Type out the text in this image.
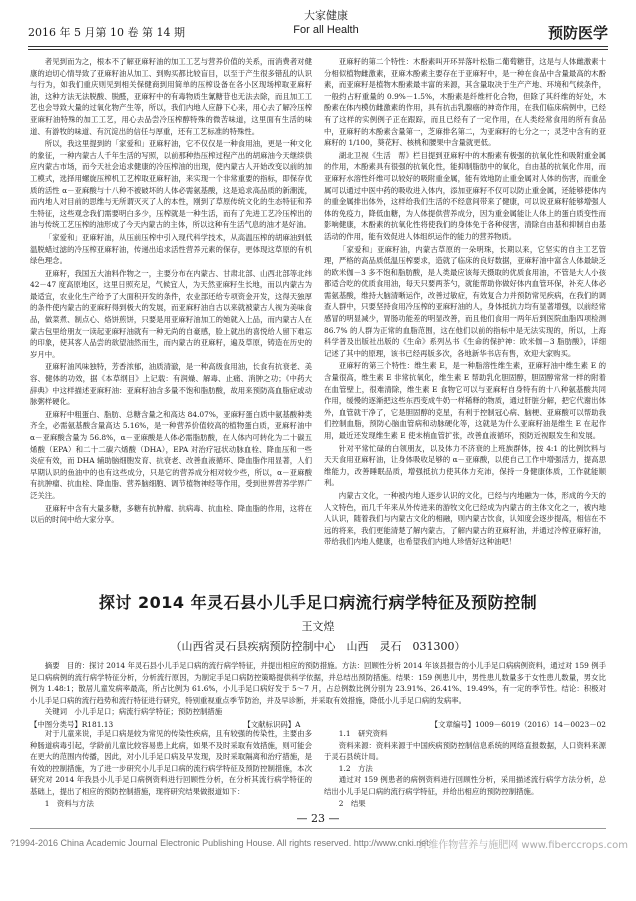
2016 年 5 月第 10 卷 第 14 期
大家健康
For all Health	预防医学

者见到而为之，根本不了解亚麻籽油的加工工艺与营养价值的关系，而消费者对健康的迫切心情导致了亚麻籽油从加工、到购买都比较盲目，以至于产生很多错乱的认识与行为，如我们重庆则见到相关保健商到用简单的压榨设备在各小区现场榨取亚麻籽油，这种方法无法脱酸、脱醛，亚麻籽中的有毒物质生氰糖苷也无法去除，而且加工工艺也会导致大量的过氧化物产生等，所以，我们内地人应静下心来，用心去了解冷压榨亚麻籽油特殊的加工工艺，用心去品尝冷压榨醇特殊的微苦味道，这里面有生活的味道、有游牧的味道、有沉淀出的信任与厚重，还有工艺标准的特殊性。

所以，我这里提到的「家爱和」亚麻籽油，它不仅仅是一种食用油，更是一种文化的象征，一种内蒙古人千年生活的写照，以前那种热压榨过程产出的胡麻油今天继续供应内蒙古市场，而今天社会追求健康的冷压榨油的出现，使内蒙古人开始改变以前的加工模式，选择用螺旋压榨机工艺榨取亚麻籽油，来实现一个非常重要的指标，即保存优质的活性 α－亚麻酸与十八种不被破坏的人体必需氨基酸，这是追求高品质的新潮流，而内地人对目前的思维与无所谓灭灭了人的本性，刚到了草原传统文化的生态特征和养生特征，这些观念我们需要明白多少，压榨就是一种生活，而有了先进工艺冷压榨出的油与传统工艺压榨的油形成了今天内蒙古的主体，所以这种有生活气息的油才是好油。

「家爱和」亚麻籽油，从压前压榨中引入现代科学技术，从高温压榨的胡麻油到低温脱蜡过滤的冷压榨亚麻籽油，传递出追求活性营养元素的保存，更体现这草原的有机绿色理念。

亚麻籽，我国五大油料作物之一，主要分布在内蒙古、甘肃北部、山西北部等北纬 42－47 度高原地区，这里日照充足，气候宜人，为天然亚麻籽生长地，而以内蒙古为最适宜，农业化生产给予了大面积开发的条件，农业部还给专项资金开发，这得天独厚的条件使内蒙古的亚麻籽得到极大的发展，而亚麻籽油自古以来就被蒙古人视为美味食品，做菜煮、制点心、烙饼煎饼，只要是用亚麻籽油加工的她就入上品，而内蒙古人在蒙古包里给朋友一读起亚麻籽油就有一种无尚的自豪感，脸上就出的喜悦给人留下难忘的印象，使其客人品尝的欲望油然而生，而内蒙古的亚麻籽，遍及草原，铸造在历史的岁月中。

亚麻籽油风味独特，芳香浓郁，油质清澈，是一种高级食用油，长食有抗衰老、美容、健体的功效，据《本草纲目》上记载：有润燥、解毒、止痛、消肿之功；《中药大辞典》中这样描述亚麻籽油：亚麻籽油含多量不饱和脂肪酸，故用来预防高血脂症或动脉粥样硬化。

亚麻籽中粗蛋白、脂肪、总糖含量之和高达 84.07%，亚麻籽蛋白质中氨基酸种类齐全，必需氨基酸含量高达 5.16%，是一种营养价值较高的植物蛋白质，亚麻籽油中 α－亚麻酸含量为 56.8%，α－亚麻酸是人体必需脂肪酸，在人体内可转化为二十碳五烯酸（EPA）和二十二碳六烯酸（DHA），EPA 对治疗冠状动脉血栓、降血压和一些炎症有效，而 DHA 辅助脑细胞发育、抗衰老、改善血液循环、降血脂作用显著，人们早期认识的鱼油中的也有这些成分，只是它的营养成分相对较少些，所以，α－亚麻酸有抗肿瘤、抗血栓、降血脂、营养脑细胞、调节植物神经等作用，受到世界营养学界广泛关注。

亚麻籽中含有大量多糖，多糖有抗肿瘤、抗病毒、抗血栓、降血脂的作用，这将在以后的时间中给大家分享。

亚麻籽的第二个特性：木酚素叫开环异落叶松脂二葡萄糖苷，这是与人体雌激素十分相似植物雌激素，亚麻木酚素主要存在于亚麻籽中，是一种在食品中含量最高的木酚素，而亚麻籽是植物木酚素最丰富的来源，其含量取决于生产产地、环境和气候条件，一般约占籽重量的 0.9%－1.5%，木酚素是纤维杆化合物，但除了其纤维的好处，木酚素在体内模仿雌激素的作用，具有抗击乳腺癌的神奇作用，在我们临床病例中，已经有了这样的实例例子正在跟踪，而且已经有了一定作用，在人类经常食用的所有食品中，亚麻籽的木酚素含量第一，芝麻排名第二，为亚麻籽的七分之一；灵芝中含有的亚麻籽的 1/100，葵花籽、核桃和腰果中含量就更低。

湖北卫视《生活　帮》栏目提到亚麻籽中的木酚素有极强的抗氧化性和吸附重金属的作用，木酚素具有很强的抗氧化性，能抑制脂肪中的氧化，自由基的抗氧化作用，而亚麻籽水溶性纤维可以较好的吸附重金属，能有效地防止重金属对人体的伤害，而重金属可以通过中医中药的吸收进入体内，添加亚麻籽不仅可以防止重金属，还能够使体内的重金属排出体外，这样给我们生活的不经意间带来了健康，可以说亚麻籽能够增强人体的免疫力，降低血糖，为人体提供营养成分，因为重金属能让人体上的蛋白质变性而影响健康，木酚素的抗氧化性将使我们的身体免于各种侵害，清除自由基和抑制自由基活动的作用，能有效促进人体组织运作的能力的营养物质。

「家爱和」亚麻籽油，内蒙古草原的一朵明珠，长期以来，它坚实的自主工艺管理，严格的高品质低温压榨要求，造就了临床的良好数据，亚麻籽油中富含人体最缺乏的欧米伽－3 多不饱和脂肪酸，是人类最应该每天摄取的优质食用油，不管是大人小孩都适合吃的优质食用油，每天只要两茶勺，就能帮助你做好体内血管环保，补充人体必需氨基酸，维持大脑清晰运作，改善过敏症，有效复合力并预防常见疾病，在我们的调查人群中，只要坚持食用冷压榨的亚麻籽油的人，身体抵抗力均有显著增强，以前经常感冒的明显减少，胃肠功能差的明显改善，而且他们食用一两年后到医院血脂四项检测 86.7% 的人群为正常的血脂范围，这在他们以前的指标中是无法实现的，所以，上海科学普及出版社出版的《生命》系列丛书《生命的保护神：欧米伽－3 脂肪酸》，详细记述了其中的原理，该书已经再版多次，各地新华书店有售，欢迎大家购买。

亚麻籽的第三个特性：维生素 E，是一种脂溶性维生素，亚麻籽油中维生素 E 的含量很高，维生素 E 非常抗氧化，维生素 E 帮助乳化胆固醇，胆固醇常常一样的附着在血管壁上，很难清除，维生素 E 食物它可以与亚麻籽自身特有的十八种氨基酸共同作用，缓慢的逐渐把这些东西变成牛奶一样稀释的物质，通过肝脏分解，把它代谢出体外，血管就干净了，它是胆固醇的克星，有利于控制冠心病、脑梗、亚麻酸可以帮助我们控制血脂，预防心脑血管病和动脉硬化等，这就是为什么亚麻籽油是维生 E 在起作用，最近还发现维生素 E 使未梢血管扩张，改善血液循环，预防近视眼发生和发展。

针对平常忙碌的白领朋友，以及体力不济衰的上班族群体，按 4:1 的比例饮料与天天食用亚麻籽油，让身体吸收足够的 α－亚麻酸，以使自己工作中增强活力，提高思维能力，改善睡眠品质，增强抵抗力使其体力充沛，保持一身健康体质，工作就能顺利。

内蒙古文化，一种被内地人逐步认识的文化，已经与内地融为一体，形成的今天的人文特色，而几千年来从外传进来的游牧文化已经成为内蒙古的主体文化之一，被内地人认识，随着我们与内蒙古文化的相融，则内蒙古饮食，认知度会逐步提高，相信在不远的将来，我们更能清楚了解内蒙古，了解内蒙古的亚麻籽油，并通过冷榨亚麻籽油，带给我们内地人健康，也希望我们内地人珍惜好这种油吧！

探讨 2014 年灵石县小儿手足口病流行病学特征及预防控制
王文煌
（山西省灵石县疾病预防控制中心　山西　灵石　031300）
摘要　目的：探讨 2014 年灵石县小儿手足口病的流行病学特征，并提出相应的预防措施。方法：回顾性分析 2014 年该县报告的小儿手足口病病例资料，通过对 159 例手足口病病例的流行病学特征分析，分析流行原因，为制定手足口病防控策略提供科学依据，并总结出预防措施。结果：159 例患儿中，男性患儿数量多于女性患儿数量，男女比例为 1.48:1；散居儿童发病率最高，所占比例为 61.6%，小儿手足口病好发于 5～7 月，占总例数比例分别为 23.91%、26.41%、19.49%，有一定的季节性。结论：积极对小儿手足口病的流行趋势和流行特征进行研究，特别重视重点季节防治，并及早诊断，并采取有效措施，降低小儿手足口病的发病率。
关键词　小儿手足口；病流行病学特征；预防控制措施
【中图分类号】R181.13	【文献标识码】A	【文章编号】1009－6019（2016）14－0023－02

对于儿童来说，手足口病是较为常见的传染性疾病，且有较强的传染性，主要由多种肠道病毒引起，学龄前儿童比较容易患上此病，如果不及时采取有效措施，则可能会在更大的范围内传播，因此，对小儿手足口病及早发现，及时采取隔离和治疗措施，是有效的控制措施，为了进一步研究小儿手足口病的流行病学特征及预防控制措施，本次研究对 2014 年我县小儿手足口病例资料进行回顾性分析，在分析其流行病学特征的基础上，提出了相应的预防控制措施，现将研究结果做报道如下：

1　资料与方法

1.1　研究资料

资料来源：资料来源于中国疾病预防控制信息系统的网络直报数据，人口资料来源于灵石县统计局。

1.2　方法

通过对 159 例患者的病例资料进行回顾性分析，采用描述流行病学方法分析，总结出小儿手足口病的流行病学特征，并给出相应的预防控制措施。

2　结果

— 23 —
?1994-2016 China Academic Journal Electronic Publishing House. All rights reserved. http://www.cnki.net
纤维作物营养与施肥网 www.fiberccrops.com
